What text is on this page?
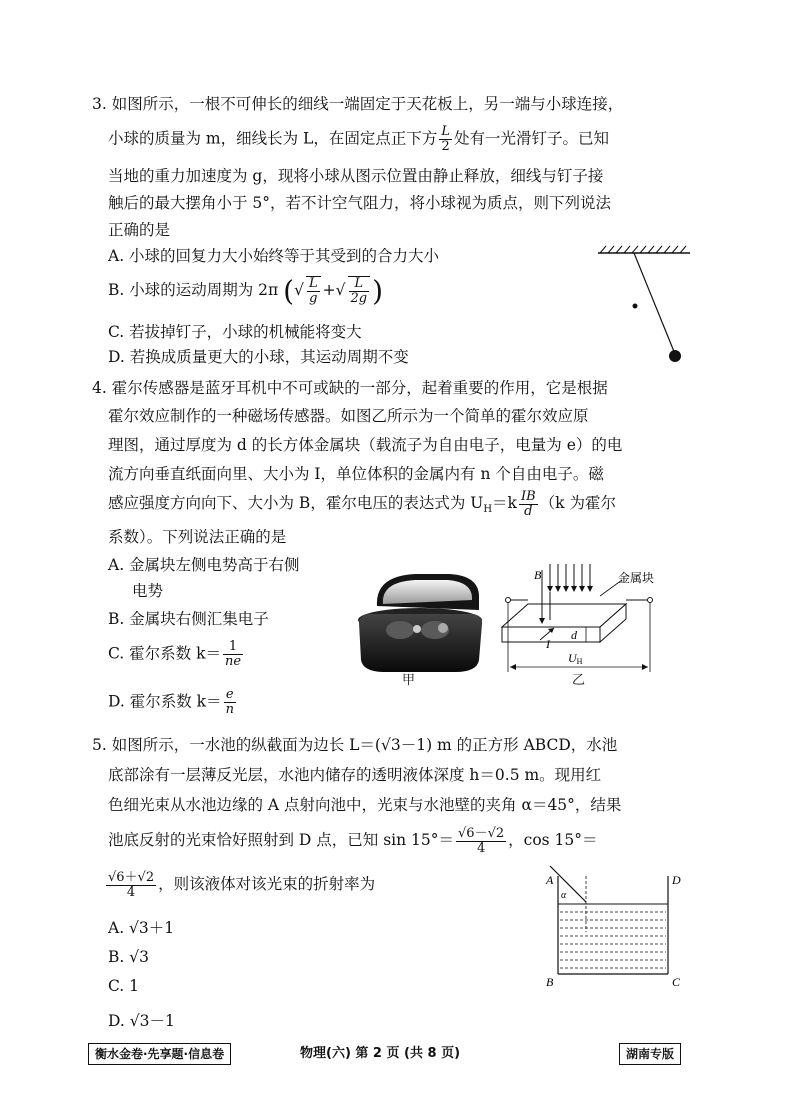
3. 如图所示，一根不可伸长的细线一端固定于天花板上，另一端与小球连接，
小球的质量为 m，细线长为 L，在固定点正下方 $\frac{L}{2}$ 处有一光滑钉子。已知
当地的重力加速度为 g，现将小球从图示位置由静止释放，细线与钉子接
触后的最大摆角小于 5°，若不计空气阻力，将小球视为质点，则下列说法
正确的是
A. 小球的回复力大小始终等于其受到的合力大小
B. 小球的运动周期为 2π (√ $\frac{L}{g}$ +√ $\frac{L}{2g}$ )
C. 若拔掉钉子，小球的机械能将变大
D. 若换成质量更大的小球，其运动周期不变
4. 霍尔传感器是蓝牙耳机中不可或缺的一部分，起着重要的作用，它是根据
霍尔效应制作的一种磁场传感器。如图乙所示为一个简单的霍尔效应原
理图，通过厚度为 d 的长方体金属块（载流子为自由电子，电量为 e）的电
流方向垂直纸面向里、大小为 I，单位体积的金属内有 n 个自由电子。磁
感应强度方向向下、大小为 B，霍尔电压的表达式为 $U_H=k \frac{IB}{d} (k$ 为霍尔
系数）。下列说法正确的是
A. 金属块左侧电势高于右侧
电势
B. 金属块右侧汇集电子
C. 霍尔系数 $k= \frac{1}{ne}$
D. 霍尔系数 $k= \frac{e}{n}$
甲
B	金属块
d
I
UH
乙
5. 如图所示，一水池的纵截面为边长 L＝(√3－1) m 的正方形 ABCD，水池
底部涂有一层薄反光层，水池内储存的透明液体深度 h＝0.5 m。现用红
色细光束从水池边缘的 A 点射向池中，光束与水池壁的夹角 α＝45°，结果
池底反射的光束恰好照射到 D 点，已知 $\sin 15^\circ= \frac{√6-√2}{4}$ ，cos 15°＝
$\frac{√6+√2}{4}$ ，则该液体对该光束的折射率为
A. √3＋1
B. √3
C. 1
D. √3－1
A
α
D
B	C
衡水金卷·先享题·信息卷	物理(六) 第 2 页 (共 8 页)	湖南专版
